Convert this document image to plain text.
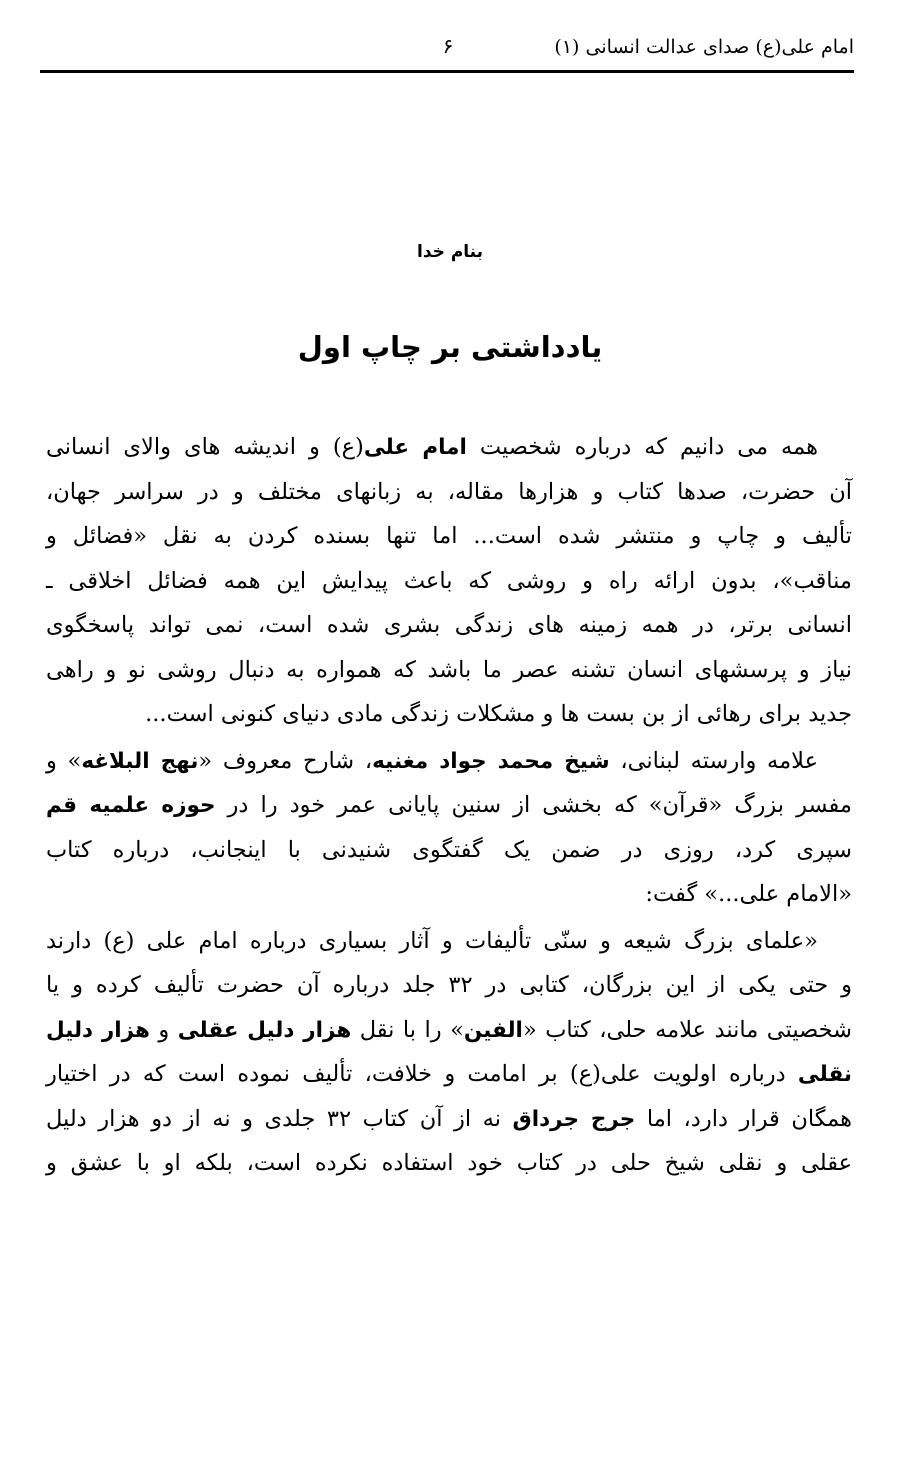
امام علی(ع) صدای عدالت انسانی (۱)
۶
بنام خدا
یادداشتی بر چاپ اول
همه می دانیم که درباره شخصیت امام علی(ع) و اندیشه های والای انسانی
آن حضرت، صدها کتاب و هزارها مقاله، به زبانهای مختلف و در سراسر جهان،
تألیف و چاپ و منتشر شده است... اما تنها بسنده کردن به نقل «فضائل و
مناقب»، بدون ارائه راه و روشی که باعث پیدایش این همه فضائل اخلاقی ـ
انسانی برتر، در همه زمینه های زندگی بشری شده است، نمی تواند پاسخگوی
نیاز و پرسشهای انسان تشنه عصر ما باشد که همواره به دنبال روشی نو و راهی
جدید برای رهائی از بن بست ها و مشکلات زندگی مادی دنیای کنونی است...
علامه وارسته لبنانی، شیخ محمد جواد مغنیه، شارح معروف «نهج البلاغه» و
مفسر بزرگ «قرآن» که بخشی از سنین پایانی عمر خود را در حوزه علمیه قم
سپری کرد، روزی در ضمن یک گفتگوی شنیدنی با اینجانب، درباره کتاب
«الامام علی...» گفت:
«علمای بزرگ شیعه و سنّی تألیفات و آثار بسیاری درباره امام علی (ع) دارند
و حتی یکی از این بزرگان، کتابی در ۳۲ جلد درباره آن حضرت تألیف کرده و یا
شخصیتی مانند علامه حلی، کتاب «الفین» را با نقل هزار دلیل عقلی و هزار دلیل
نقلی درباره اولویت علی(ع) بر امامت و خلافت، تألیف نموده است که در اختیار
همگان قرار دارد، اما جرج جرداق نه از آن کتاب ۳۲ جلدی و نه از دو هزار دلیل
عقلی و نقلی شیخ حلی در کتاب خود استفاده نکرده است، بلکه او با عشق و
